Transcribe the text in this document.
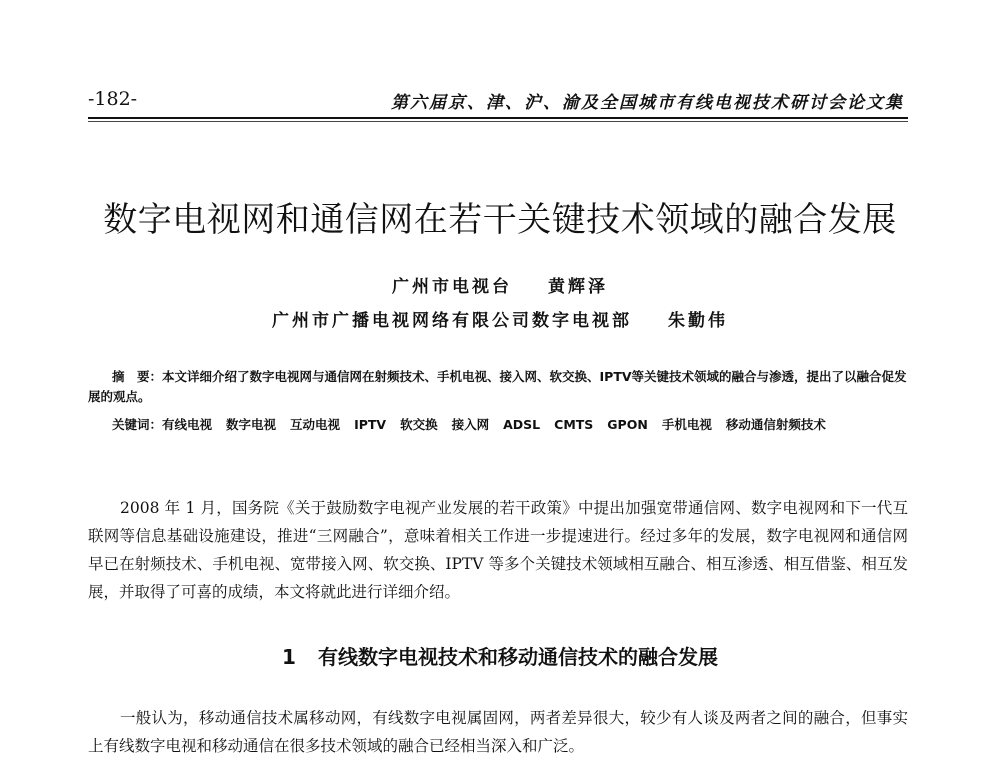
-182-	第六届京、津、沪、渝及全国城市有线电视技术研讨会论文集
数字电视网和通信网在若干关键技术领域的融合发展
广州市电视台 黄辉泽
广州市广播电视网络有限公司数字电视部 朱勤伟

摘　要：本文详细介绍了数字电视网与通信网在射频技术、手机电视、接入网、软交换、IPTV等关键技术领域的融合与渗透，提出了以融合促发展的观点。

关键词：有线电视 数字电视 互动电视 IPTV 软交换 接入网 ADSL CMTS GPON 手机电视 移动通信射频技术

2008 年 1 月，国务院《关于鼓励数字电视产业发展的若干政策》中提出加强宽带通信网、数字电视网和下一代互联网等信息基础设施建设，推进“三网融合”，意味着相关工作进一步提速进行。经过多年的发展，数字电视网和通信网早已在射频技术、手机电视、宽带接入网、软交换、IPTV 等多个关键技术领域相互融合、相互渗透、相互借鉴、相互发展，并取得了可喜的成绩，本文将就此进行详细介绍。

1 有线数字电视技术和移动通信技术的融合发展

一般认为，移动通信技术属移动网，有线数字电视属固网，两者差异很大，较少有人谈及两者之间的融合，但事实上有线数字电视和移动通信在很多技术领域的融合已经相当深入和广泛。
